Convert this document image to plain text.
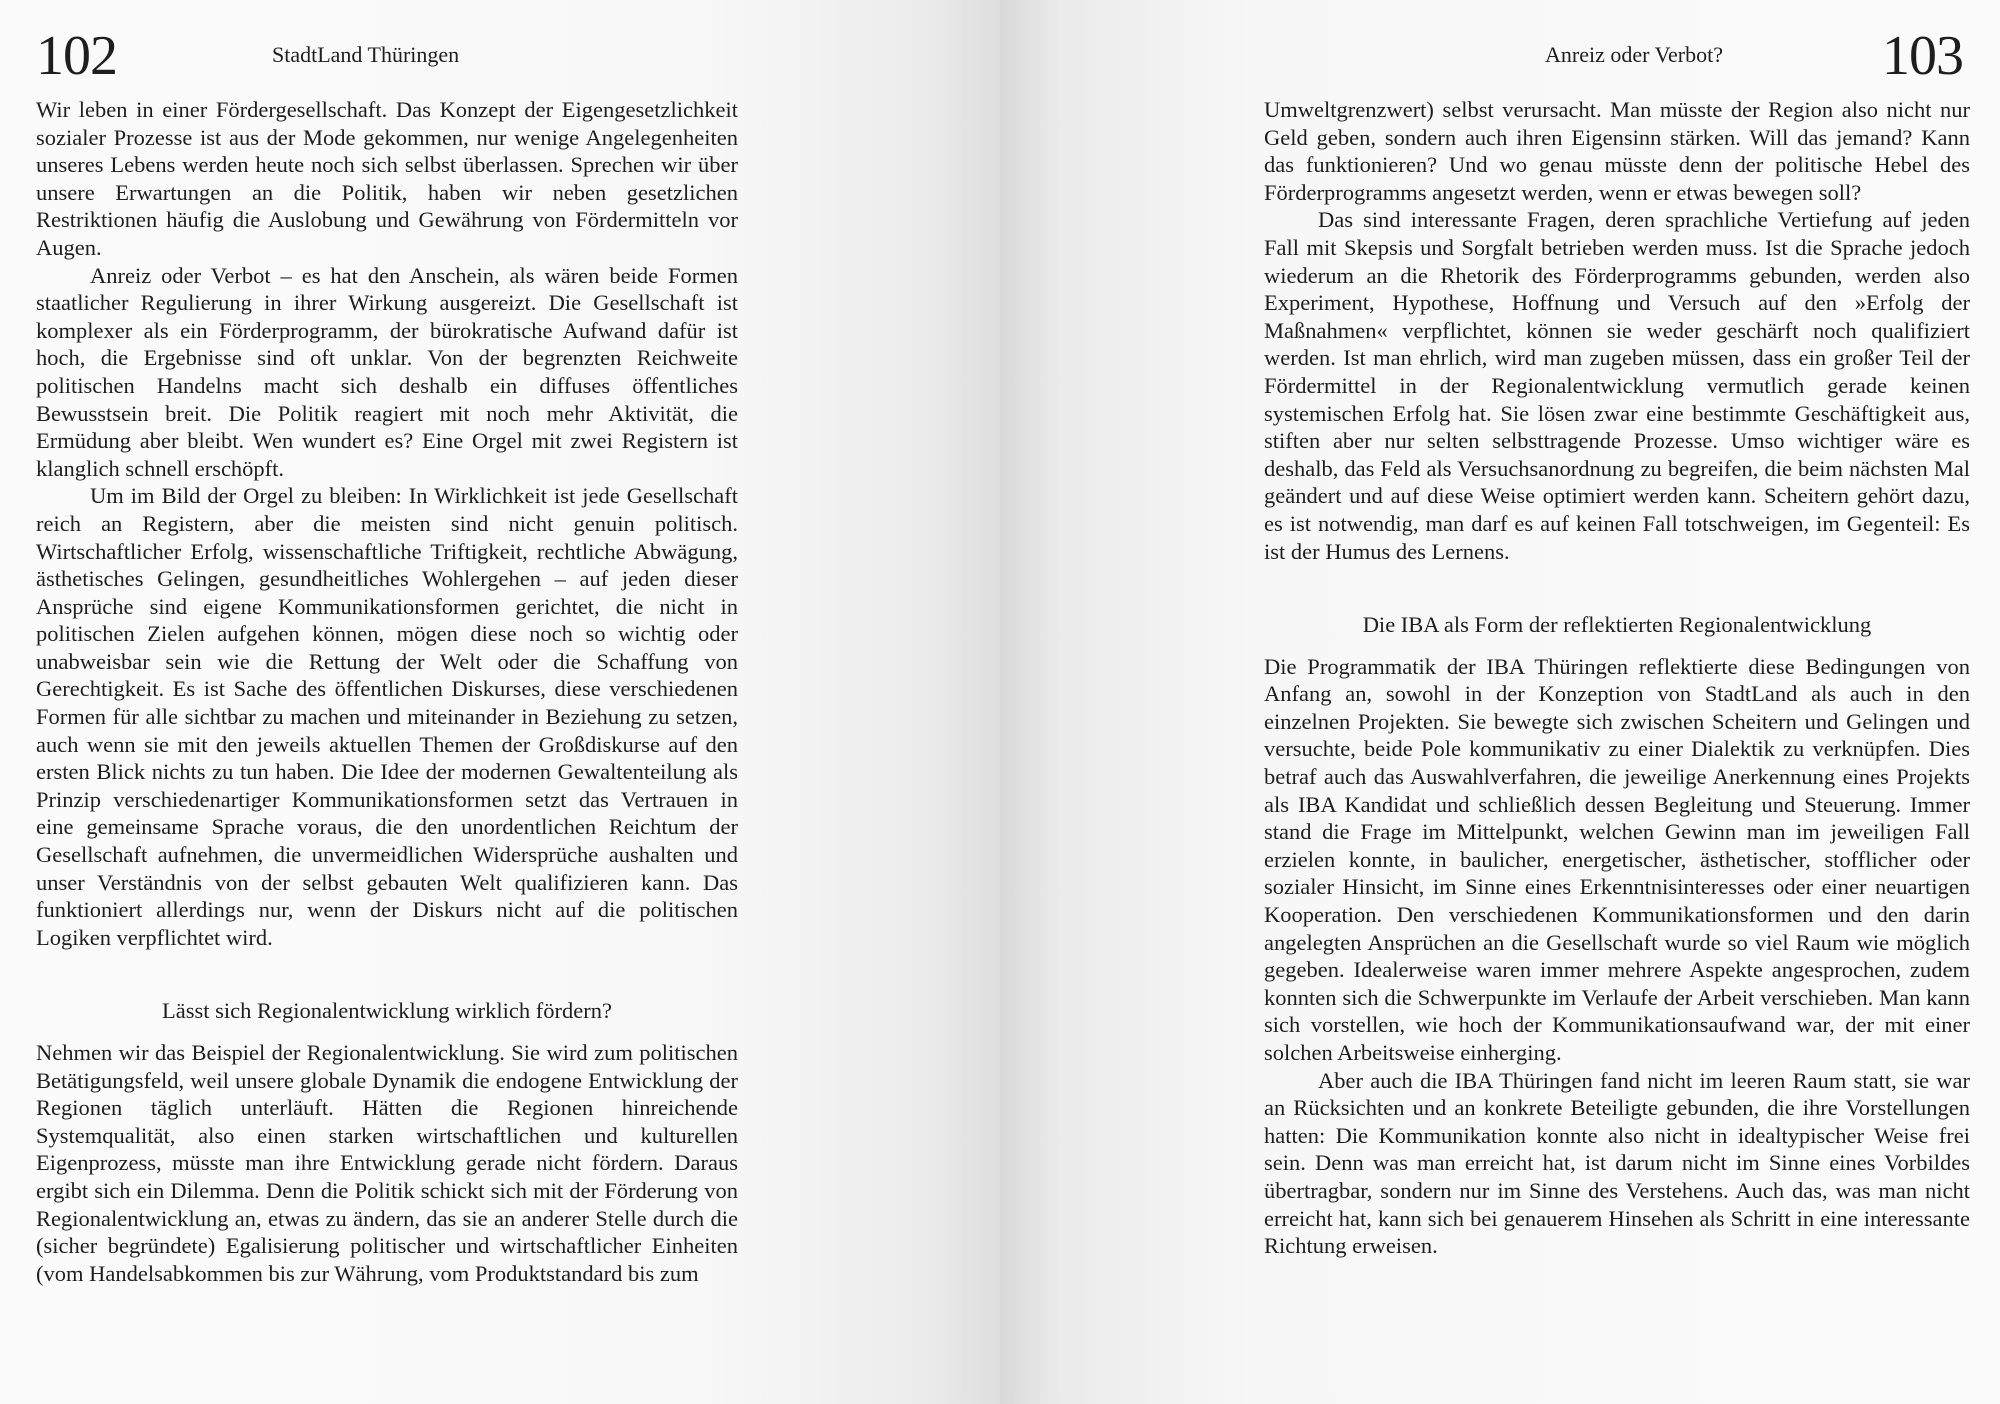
102	StadtLand Thüringen

Wir leben in einer Fördergesellschaft. Das Konzept der Eigengesetzlichkeit sozialer Prozesse ist aus der Mode gekommen, nur wenige Angelegenheiten unseres Lebens werden heute noch sich selbst überlassen. Sprechen wir über unsere Erwartungen an die Politik, haben wir neben gesetzlichen Restriktionen häufig die Auslobung und Gewährung von Fördermitteln vor Augen.

Anreiz oder Verbot – es hat den Anschein, als wären beide Formen staatlicher Regulierung in ihrer Wirkung ausgereizt. Die Gesellschaft ist komplexer als ein Förderprogramm, der bürokratische Aufwand dafür ist hoch, die Ergebnisse sind oft unklar. Von der begrenzten Reichweite politischen Handelns macht sich deshalb ein diffuses öffentliches Bewusstsein breit. Die Politik reagiert mit noch mehr Aktivität, die Ermüdung aber bleibt. Wen wundert es? Eine Orgel mit zwei Registern ist klanglich schnell erschöpft.

Um im Bild der Orgel zu bleiben: In Wirklichkeit ist jede Gesellschaft reich an Registern, aber die meisten sind nicht genuin politisch. Wirtschaftlicher Erfolg, wissenschaftliche Triftigkeit, rechtliche Abwägung, ästhetisches Gelingen, gesundheitliches Wohlergehen – auf jeden dieser Ansprüche sind eigene Kommunikationsformen gerichtet, die nicht in politischen Zielen aufgehen können, mögen diese noch so wichtig oder unabweisbar sein wie die Rettung der Welt oder die Schaffung von Gerechtigkeit. Es ist Sache des öffentlichen Diskurses, diese verschiedenen Formen für alle sichtbar zu machen und miteinander in Beziehung zu setzen, auch wenn sie mit den jeweils aktuellen Themen der Großdiskurse auf den ersten Blick nichts zu tun haben. Die Idee der modernen Gewaltenteilung als Prinzip verschiedenartiger Kommunikationsformen setzt das Vertrauen in eine gemeinsame Sprache voraus, die den unordentlichen Reichtum der Gesellschaft aufnehmen, die unvermeidlichen Widersprüche aushalten und unser Verständnis von der selbst gebauten Welt qualifizieren kann. Das funktioniert allerdings nur, wenn der Diskurs nicht auf die politischen Logiken verpflichtet wird.

Lässt sich Regionalentwicklung wirklich fördern?

Nehmen wir das Beispiel der Regionalentwicklung. Sie wird zum politischen Betätigungsfeld, weil unsere globale Dynamik die endogene Entwicklung der Regionen täglich unterläuft. Hätten die Regionen hinreichende Systemqualität, also einen starken wirtschaftlichen und kulturellen Eigenprozess, müsste man ihre Entwicklung gerade nicht fördern. Daraus ergibt sich ein Dilemma. Denn die Politik schickt sich mit der Förderung von Regionalentwicklung an, etwas zu ändern, das sie an anderer Stelle durch die (sicher begründete) Egalisierung politischer und wirtschaftlicher Einheiten (vom Handelsabkommen bis zur Währung, vom Produktstandard bis zum

Anreiz oder Verbot?	103

Umweltgrenzwert) selbst verursacht. Man müsste der Region also nicht nur Geld geben, sondern auch ihren Eigensinn stärken. Will das jemand? Kann das funktionieren? Und wo genau müsste denn der politische Hebel des Förderprogramms angesetzt werden, wenn er etwas bewegen soll?

Das sind interessante Fragen, deren sprachliche Vertiefung auf jeden Fall mit Skepsis und Sorgfalt betrieben werden muss. Ist die Sprache jedoch wiederum an die Rhetorik des Förderprogramms gebunden, werden also Experiment, Hypothese, Hoffnung und Versuch auf den »Erfolg der Maßnahmen« verpflichtet, können sie weder geschärft noch qualifiziert werden. Ist man ehrlich, wird man zugeben müssen, dass ein großer Teil der Fördermittel in der Regionalentwicklung vermutlich gerade keinen systemischen Erfolg hat. Sie lösen zwar eine bestimmte Geschäftigkeit aus, stiften aber nur selten selbsttragende Prozesse. Umso wichtiger wäre es deshalb, das Feld als Versuchsanordnung zu begreifen, die beim nächsten Mal geändert und auf diese Weise optimiert werden kann. Scheitern gehört dazu, es ist notwendig, man darf es auf keinen Fall totschweigen, im Gegenteil: Es ist der Humus des Lernens.

Die IBA als Form der reflektierten Regionalentwicklung

Die Programmatik der IBA Thüringen reflektierte diese Bedingungen von Anfang an, sowohl in der Konzeption von StadtLand als auch in den einzelnen Projekten. Sie bewegte sich zwischen Scheitern und Gelingen und versuchte, beide Pole kommunikativ zu einer Dialektik zu verknüpfen. Dies betraf auch das Auswahlverfahren, die jeweilige Anerkennung eines Projekts als IBA Kandidat und schließlich dessen Begleitung und Steuerung. Immer stand die Frage im Mittelpunkt, welchen Gewinn man im jeweiligen Fall erzielen konnte, in baulicher, energetischer, ästhetischer, stofflicher oder sozialer Hinsicht, im Sinne eines Erkenntnisinteresses oder einer neuartigen Kooperation. Den verschiedenen Kommunikationsformen und den darin angelegten Ansprüchen an die Gesellschaft wurde so viel Raum wie möglich gegeben. Idealerweise waren immer mehrere Aspekte angesprochen, zudem konnten sich die Schwerpunkte im Verlaufe der Arbeit verschieben. Man kann sich vorstellen, wie hoch der Kommunikationsaufwand war, der mit einer solchen Arbeitsweise einherging.

Aber auch die IBA Thüringen fand nicht im leeren Raum statt, sie war an Rücksichten und an konkrete Beteiligte gebunden, die ihre Vorstellungen hatten: Die Kommunikation konnte also nicht in idealtypischer Weise frei sein. Denn was man erreicht hat, ist darum nicht im Sinne eines Vorbildes übertragbar, sondern nur im Sinne des Verstehens. Auch das, was man nicht erreicht hat, kann sich bei genauerem Hinsehen als Schritt in eine interessante Richtung erweisen.
